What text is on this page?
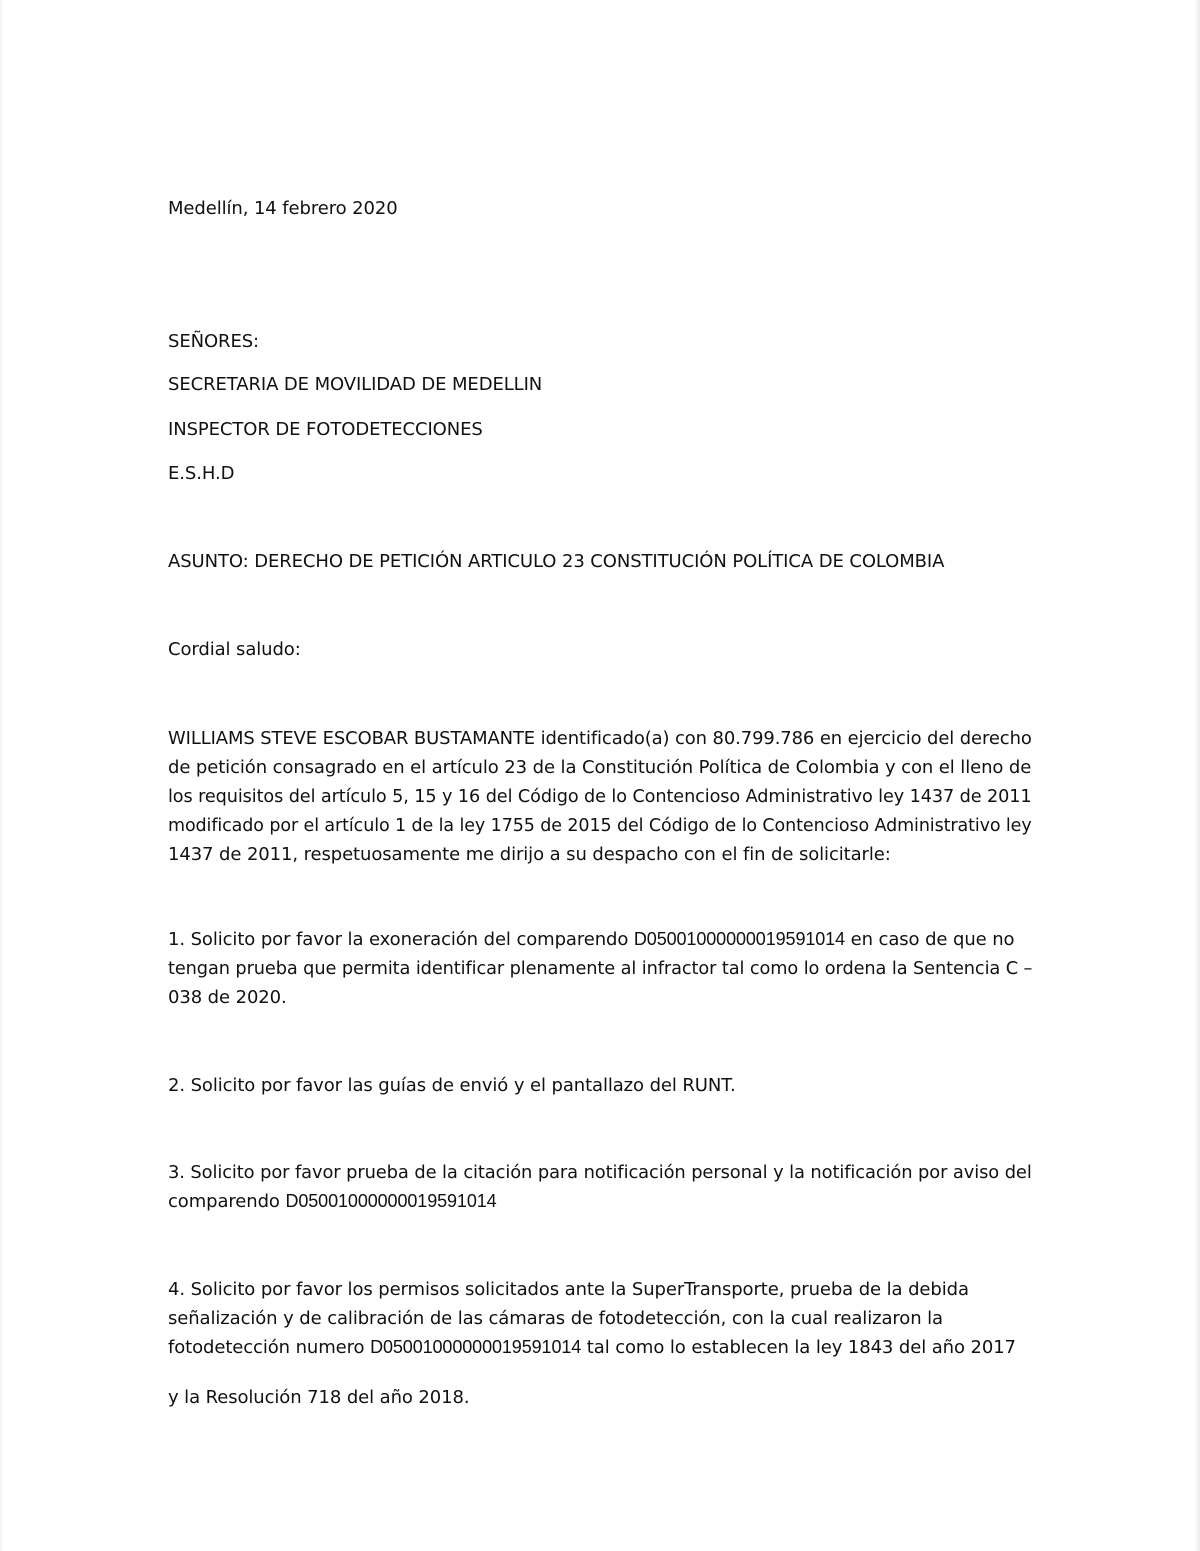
Medellín, 14 febrero 2020
SEÑORES:
SECRETARIA DE MOVILIDAD DE MEDELLIN
INSPECTOR DE FOTODETECCIONES
E.S.H.D
ASUNTO: DERECHO DE PETICIÓN ARTICULO 23 CONSTITUCIÓN POLÍTICA DE COLOMBIA
Cordial saludo:
WILLIAMS STEVE ESCOBAR BUSTAMANTE identificado(a) con 80.799.786 en ejercicio del derecho
de petición consagrado en el artículo 23 de la Constitución Política de Colombia y con el lleno de
los requisitos del artículo 5, 15 y 16 del Código de lo Contencioso Administrativo ley 1437 de 2011
modificado por el artículo 1 de la ley 1755 de 2015 del Código de lo Contencioso Administrativo ley
1437 de 2011, respetuosamente me dirijo a su despacho con el fin de solicitarle:
1. Solicito por favor la exoneración del comparendo D05001000000019591014 en caso de que no
tengan prueba que permita identificar plenamente al infractor tal como lo ordena la Sentencia C –
038 de 2020.
2. Solicito por favor las guías de envió y el pantallazo del RUNT.
3. Solicito por favor prueba de la citación para notificación personal y la notificación por aviso del
comparendo D05001000000019591014
4. Solicito por favor los permisos solicitados ante la SuperTransporte, prueba de la debida
señalización y de calibración de las cámaras de fotodetección, con la cual realizaron la
fotodetección numero D05001000000019591014 tal como lo establecen la ley 1843 del año 2017
y la Resolución 718 del año 2018.
